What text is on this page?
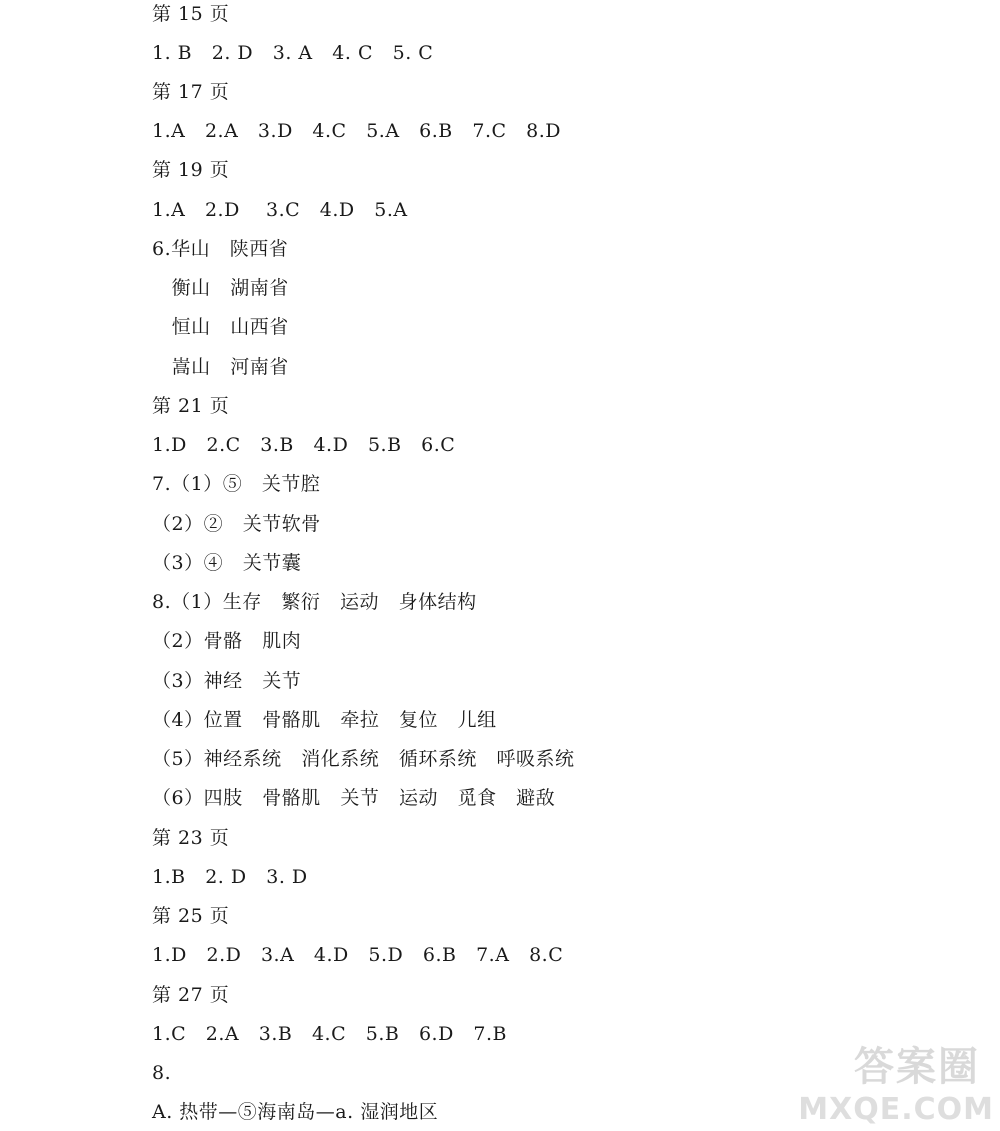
第 15 页
1. B   2. D   3. A   4. C   5. C
第 17 页
1.A   2.A   3.D   4.C   5.A   6.B   7.C   8.D
第 19 页
1.A   2.D    3.C   4.D   5.A
6.华山   陕西省
衡山   湖南省
恒山   山西省
嵩山   河南省
第 21 页
1.D   2.C   3.B   4.D   5.B   6.C
7.（1）⑤   关节腔
（2）②   关节软骨
（3）④   关节囊
8.（1）生存   繁衍   运动   身体结构
（2）骨骼   肌肉
（3）神经   关节
（4）位置   骨骼肌   牵拉   复位   儿组
（5）神经系统   消化系统   循环系统   呼吸系统
（6）四肢   骨骼肌   关节   运动   觅食   避敌
第 23 页
1.B   2. D   3. D
第 25 页
1.D   2.D   3.A   4.D   5.D   6.B   7.A   8.C
第 27 页
1.C   2.A   3.B   4.C   5.B   6.D   7.B
8.
A. 热带—⑤海南岛—a. 湿润地区
答案圈
MXQE.COM
